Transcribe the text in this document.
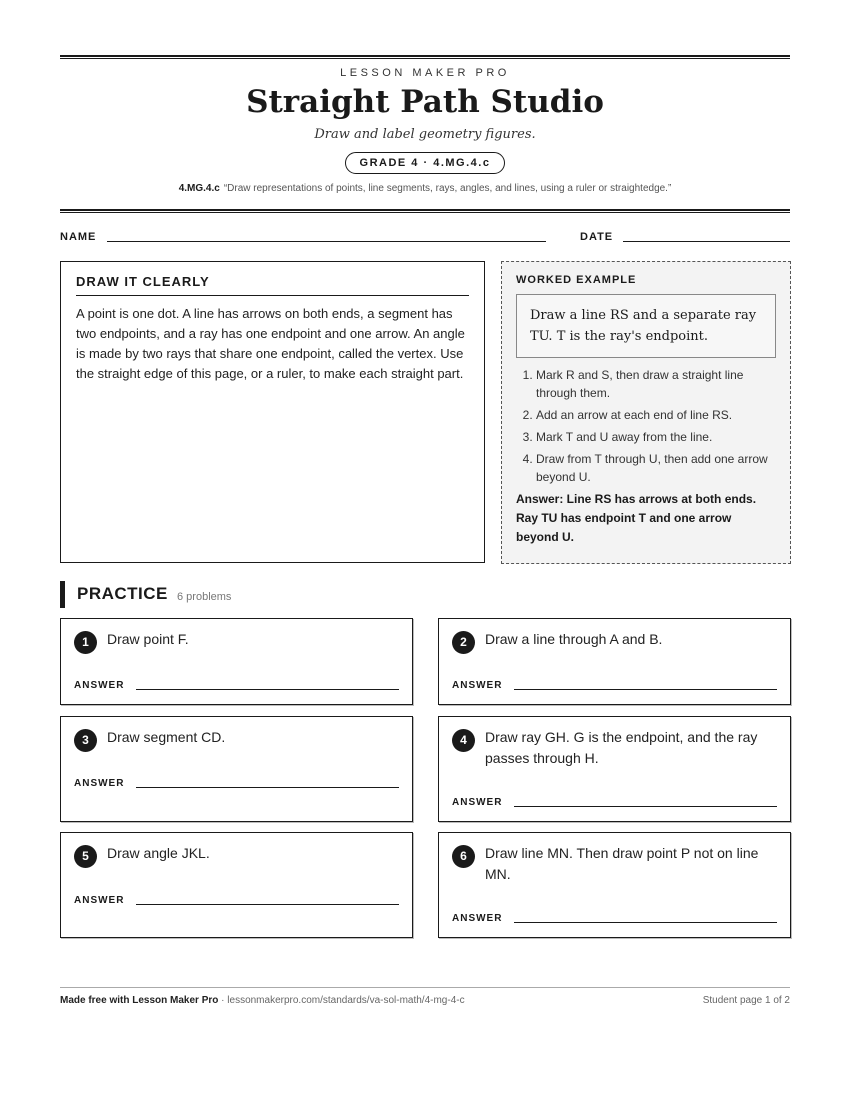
LESSON MAKER PRO
Straight Path Studio
Draw and label geometry figures.
GRADE 4 · 4.MG.4.c
4.MG.4.c “Draw representations of points, line segments, rays, angles, and lines, using a ruler or straightedge.”
NAME	DATE
DRAW IT CLEARLY
A point is one dot. A line has arrows on both ends, a segment has two endpoints, and a ray has one endpoint and one arrow. An angle is made by two rays that share one endpoint, called the vertex. Use the straight edge of this page, or a ruler, to make each straight part.
WORKED EXAMPLE
Draw a line RS and a separate ray TU. T is the ray's endpoint.
1. Mark R and S, then draw a straight line through them.
2. Add an arrow at each end of line RS.
3. Mark T and U away from the line.
4. Draw from T through U, then add one arrow beyond U.
Answer: Line RS has arrows at both ends. Ray TU has endpoint T and one arrow beyond U.
PRACTICE 6 problems
1	Draw point F.
ANSWER
2	Draw a line through A and B.
ANSWER
3	Draw segment CD.
ANSWER
4	Draw ray GH. G is the endpoint, and the ray passes through H.
ANSWER
5	Draw angle JKL.
ANSWER
6	Draw line MN. Then draw point P not on line MN.
ANSWER
Made free with Lesson Maker Pro · lessonmakerpro.com/standards/va-sol-math/4-mg-4-c	Student page 1 of 2
